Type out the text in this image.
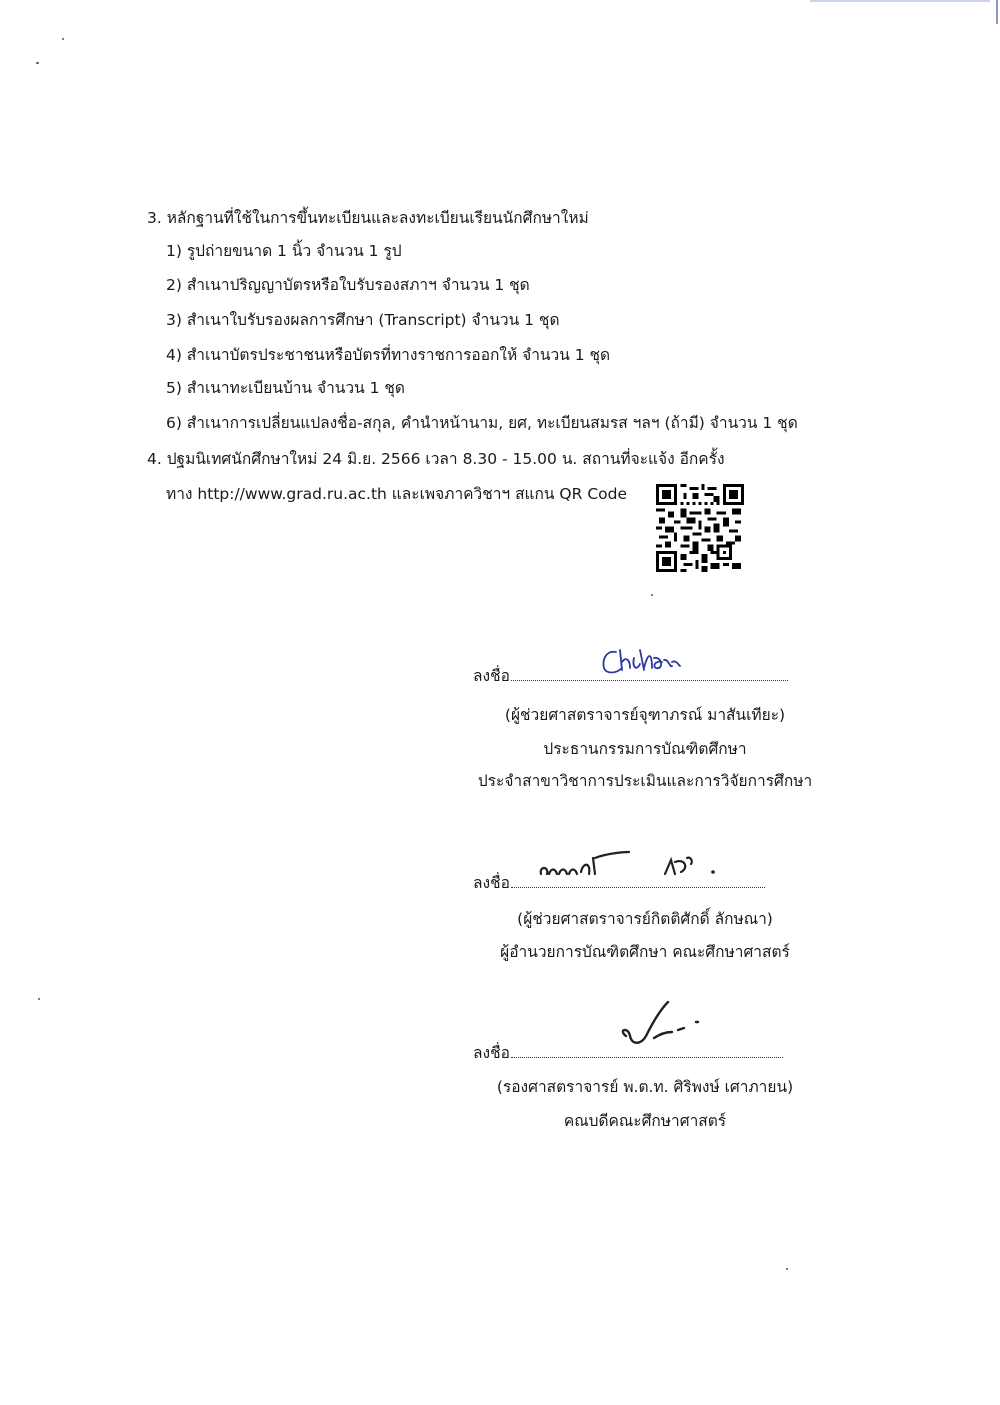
3. หลักฐานที่ใช้ในการขึ้นทะเบียนและลงทะเบียนเรียนนักศึกษาใหม่
1) รูปถ่ายขนาด 1 นิ้ว จำนวน 1 รูป
2) สำเนาปริญญาบัตรหรือใบรับรองสภาฯ จำนวน 1 ชุด
3) สำเนาใบรับรองผลการศึกษา (Transcript) จำนวน 1 ชุด
4) สำเนาบัตรประชาชนหรือบัตรที่ทางราชการออกให้ จำนวน 1 ชุด
5) สำเนาทะเบียนบ้าน จำนวน 1 ชุด
6) สำเนาการเปลี่ยนแปลงชื่อ-สกุล, คำนำหน้านาม, ยศ, ทะเบียนสมรส ฯลฯ (ถ้ามี) จำนวน 1 ชุด
4. ปฐมนิเทศนักศึกษาใหม่ 24 มิ.ย. 2566 เวลา 8.30 - 15.00 น. สถานที่จะแจ้ง อีกครั้ง
ทาง http://www.grad.ru.ac.th และเพจภาควิชาฯ สแกน QR Code
ลงชื่อ
(ผู้ช่วยศาสตราจารย์จุฑาภรณ์ มาสันเทียะ)
ประธานกรรมการบัณฑิตศึกษา
ประจำสาขาวิชาการประเมินและการวิจัยการศึกษา
ลงชื่อ
(ผู้ช่วยศาสตราจารย์กิตติศักดิ์ ลักษณา)
ผู้อำนวยการบัณฑิตศึกษา คณะศึกษาศาสตร์
ลงชื่อ
(รองศาสตราจารย์ พ.ต.ท. ศิริพงษ์ เศาภายน)
คณบดีคณะศึกษาศาสตร์
